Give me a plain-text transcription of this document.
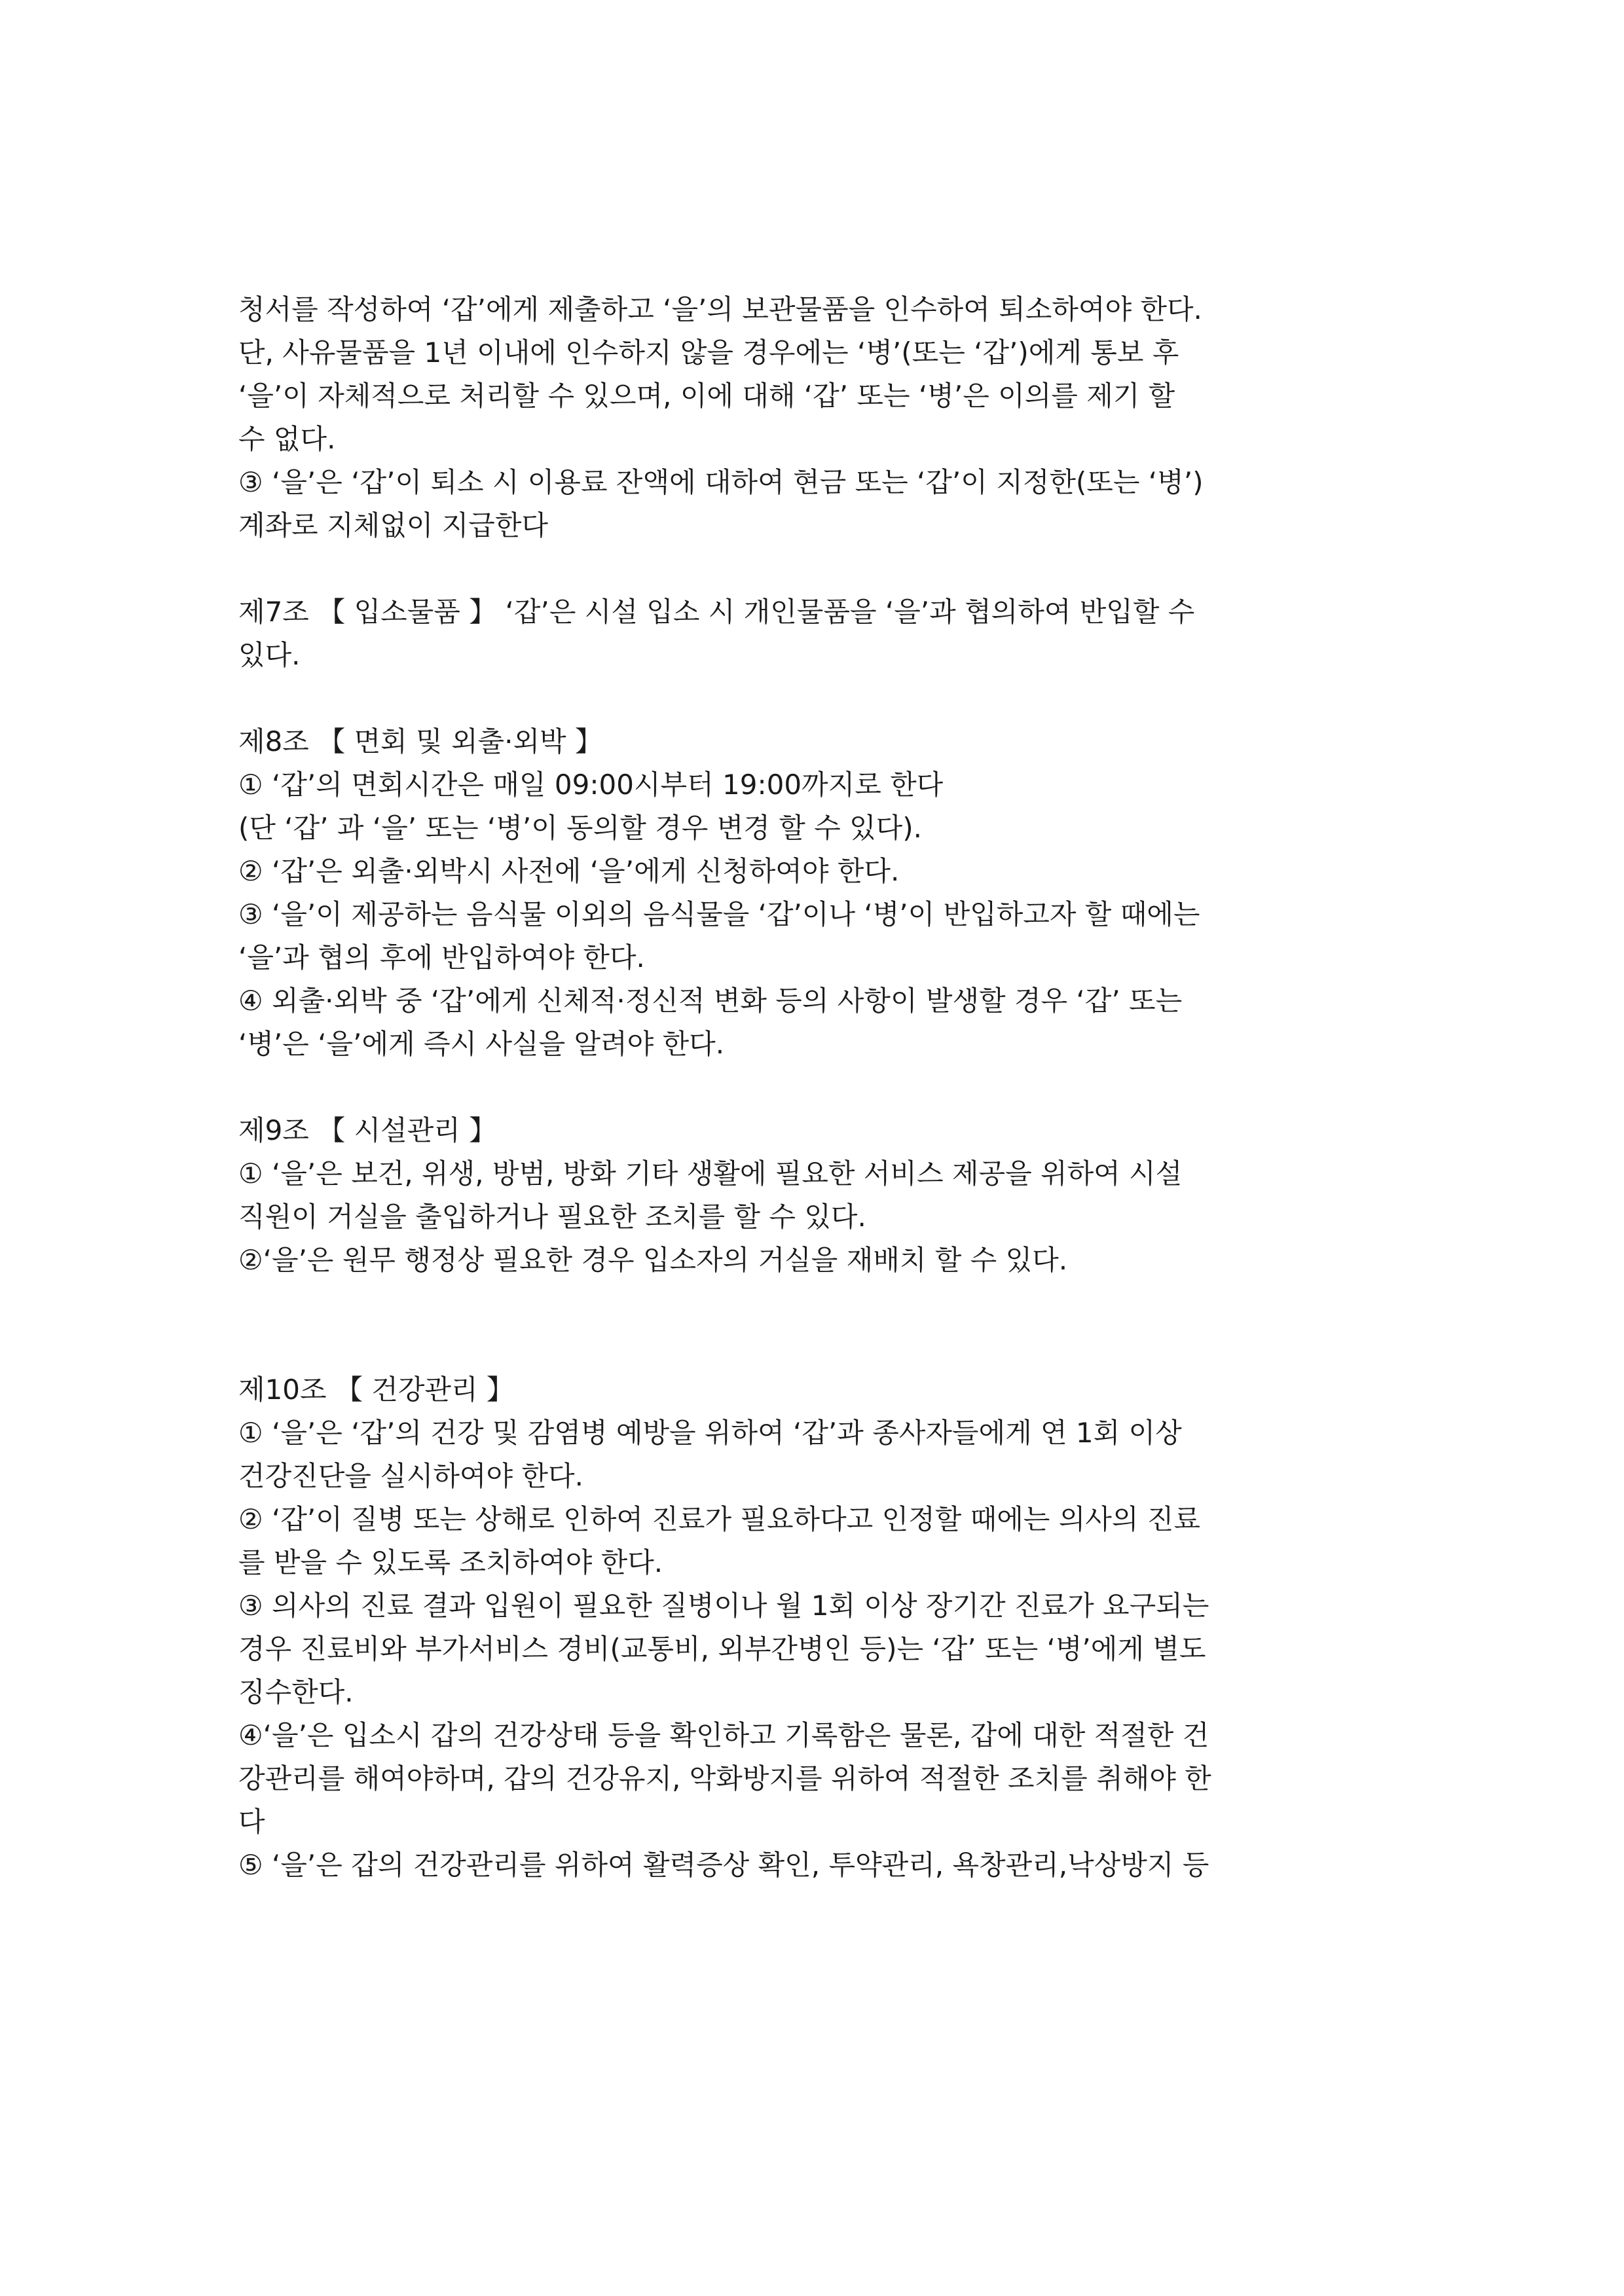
청서를 작성하여 ‘갑’에게 제출하고 ‘을’의 보관물품을 인수하여 퇴소하여야 한다.
단, 사유물품을 1년 이내에 인수하지 않을 경우에는 ‘병’(또는 ‘갑’)에게 통보 후
‘을’이 자체적으로 처리할 수 있으며, 이에 대해 ‘갑’ 또는 ‘병’은 이의를 제기 할
수 없다.
③ ‘을’은 ‘갑’이 퇴소 시 이용료 잔액에 대하여 현금 또는 ‘갑’이 지정한(또는 ‘병’)
계좌로 지체없이 지급한다
제7조 【 입소물품 】 ‘갑’은 시설 입소 시 개인물품을 ‘을’과 협의하여 반입할 수
있다.
제8조 【 면회 및 외출·외박 】
① ‘갑’의 면회시간은 매일 09:00시부터 19:00까지로 한다
(단 ‘갑’ 과 ‘을’ 또는 ‘병’이 동의할 경우 변경 할 수 있다).
② ‘갑’은 외출·외박시 사전에 ‘을’에게 신청하여야 한다.
③ ‘을’이 제공하는 음식물 이외의 음식물을 ‘갑’이나 ‘병’이 반입하고자 할 때에는
‘을’과 협의 후에 반입하여야 한다.
④ 외출·외박 중 ‘갑’에게 신체적·정신적 변화 등의 사항이 발생할 경우 ‘갑’ 또는
‘병’은 ‘을’에게 즉시 사실을 알려야 한다.
제9조 【 시설관리 】
① ‘을’은 보건, 위생, 방범, 방화 기타 생활에 필요한 서비스 제공을 위하여 시설
직원이 거실을 출입하거나 필요한 조치를 할 수 있다.
②‘을’은 원무 행정상 필요한 경우 입소자의 거실을 재배치 할 수 있다.
제10조 【 건강관리 】
① ‘을’은 ‘갑’의 건강 및 감염병 예방을 위하여 ‘갑’과 종사자들에게 연 1회 이상
건강진단을 실시하여야 한다.
② ‘갑’이 질병 또는 상해로 인하여 진료가 필요하다고 인정할 때에는 의사의 진료
를 받을 수 있도록 조치하여야 한다.
③ 의사의 진료 결과 입원이 필요한 질병이나 월 1회 이상 장기간 진료가 요구되는
경우 진료비와 부가서비스 경비(교통비, 외부간병인 등)는 ‘갑’ 또는 ‘병’에게 별도
징수한다.
④‘을’은 입소시 갑의 건강상태 등을 확인하고 기록함은 물론, 갑에 대한 적절한 건
강관리를 해여야하며, 갑의 건강유지, 악화방지를 위하여 적절한 조치를 취해야 한
다
⑤ ‘을’은 갑의 건강관리를 위하여 활력증상 확인, 투약관리, 욕창관리,낙상방지 등
